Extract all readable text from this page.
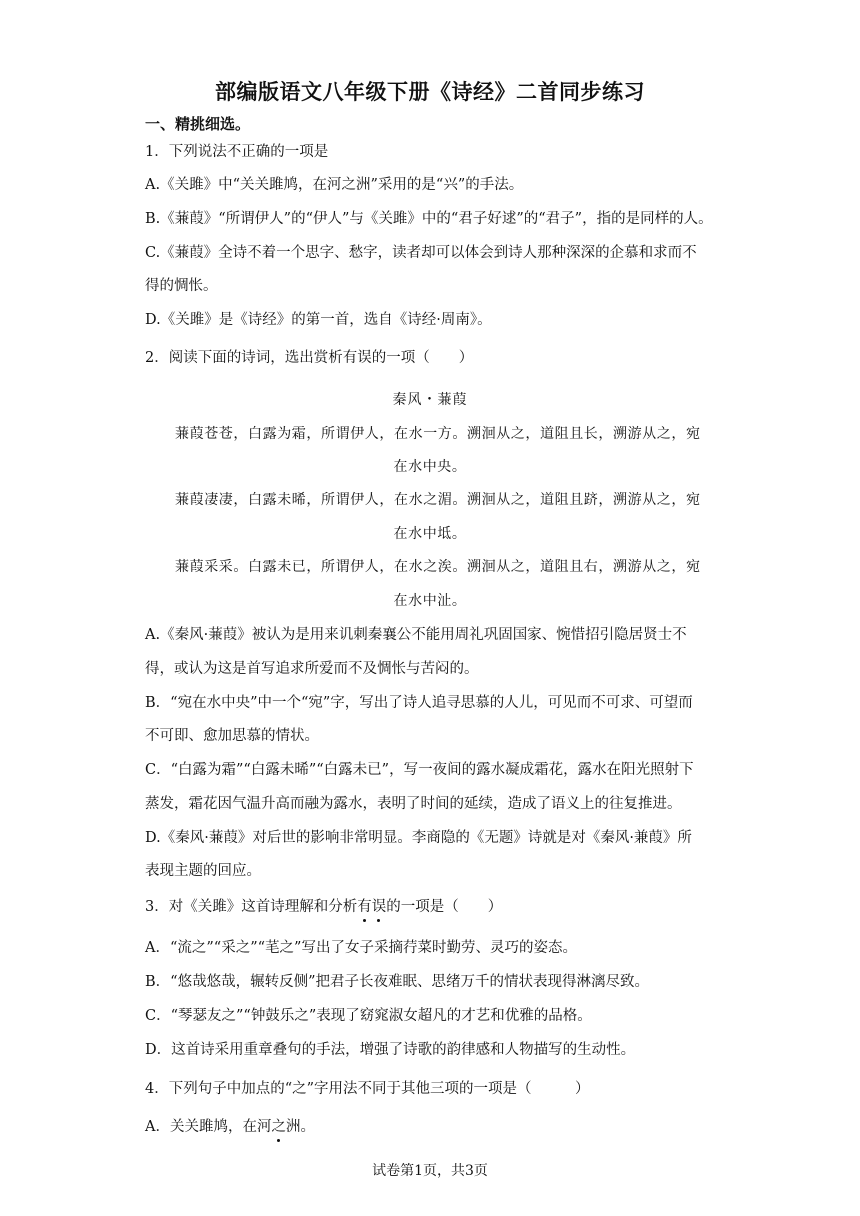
部编版语文八年级下册《诗经》二首同步练习
一、精挑细选。
1．下列说法不正确的一项是
A.《关雎》中“关关雎鸠，在河之洲”采用的是“兴”的手法。
B.《蒹葭》“所谓伊人”的“伊人”与《关雎》中的“君子好逑”的“君子”，指的是同样的人。
C.《蒹葭》全诗不着一个思字、愁字，读者却可以体会到诗人那种深深的企慕和求而不
得的惆怅。
D.《关雎》是《诗经》的第一首，选自《诗经·周南》。
2．阅读下面的诗词，选出赏析有误的一项（　　）
秦风・蒹葭
蒹葭苍苍，白露为霜，所谓伊人，在水一方。溯洄从之，道阻且长，溯游从之，宛
在水中央。
蒹葭凄凄，白露未晞，所谓伊人，在水之湄。溯洄从之，道阻且跻，溯游从之，宛
在水中坻。
蒹葭采采。白露未已，所谓伊人，在水之涘。溯洄从之，道阻且右，溯游从之，宛
在水中沚。
A.《秦风·蒹葭》被认为是用来讥刺秦襄公不能用周礼巩固国家、惋惜招引隐居贤士不
得，或认为这是首写追求所爱而不及惆怅与苦闷的。
B．“宛在水中央”中一个“宛”字，写出了诗人追寻思慕的人儿，可见而不可求、可望而
不可即、愈加思慕的情状。
C．“白露为霜”“白露未晞”“白露未已”，写一夜间的露水凝成霜花，露水在阳光照射下
蒸发，霜花因气温升高而融为露水，表明了时间的延续，造成了语义上的往复推进。
D.《秦风·蒹葭》对后世的影响非常明显。李商隐的《无题》诗就是对《秦风·兼葭》所
表现主题的回应。
3．对《关雎》这首诗理解和分析有误的一项是（　　）
A．“流之”“采之”“芼之”写出了女子采摘荇菜时勤劳、灵巧的姿态。
B．“悠哉悠哉，辗转反侧”把君子长夜难眠、思绪万千的情状表现得淋漓尽致。
C．“琴瑟友之”“钟鼓乐之”表现了窈窕淑女超凡的才艺和优雅的品格。
D．这首诗采用重章叠句的手法，增强了诗歌的韵律感和人物描写的生动性。
4．下列句子中加点的“之”字用法不同于其他三项的一项是（　　　）
A．关关雎鸠，在河之洲。
试卷第1页，共3页
